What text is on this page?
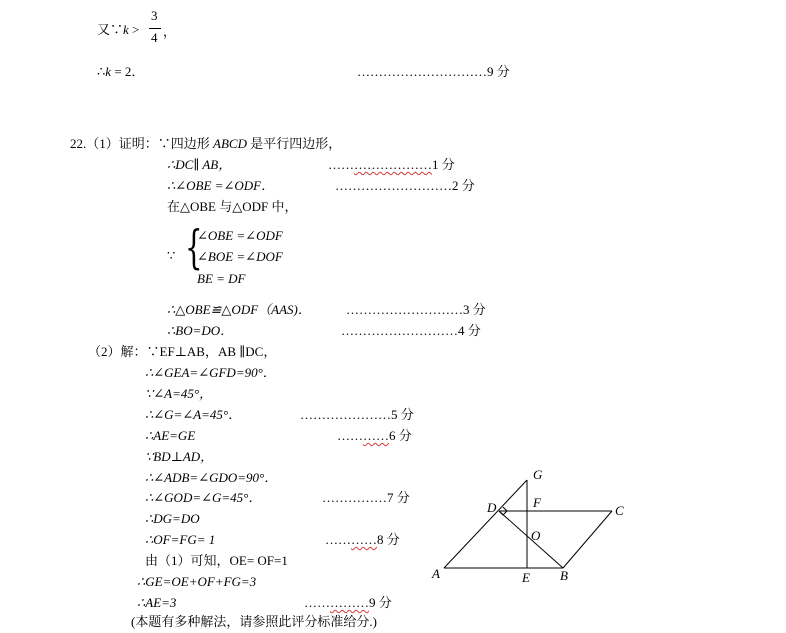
又∵k >
3
4 ，
∴k = 2．	…………………………9 分
22.（1）证明：∵四边形 ABCD 是平行四边形，
∴DC∥ AB，	……………………1 分
∴∠OBE =∠ODF．	………………………2 分
在△OBE 与△ODF 中，
∵ {
∠OBE =∠ODF
∠BOE =∠DOF
BE = DF
∴△OBE≌△ODF（AAS)．	………………………3 分
∴BO=DO．	………………………4 分
（2）解：∵EF⊥AB，AB ∥DC，
∴∠GEA=∠GFD=90°．
∵∠A=45°，
∴∠G=∠A=45°．	…………………5 分
∴AE=GE	…………6 分
∵BD⊥AD，
∴∠ADB=∠GDO=90°．
∴∠GOD=∠G=45°．	……………7 分
∴DG=DO
∴OF=FG= 1	…………8 分
由（1）可知，OE= OF=1
∴GE=OE+OF+FG=3
∴AE=3	……………9 分
(本题有多种解法，请参照此评分标准给分.)
A	B
C
D
E
F
G
O
